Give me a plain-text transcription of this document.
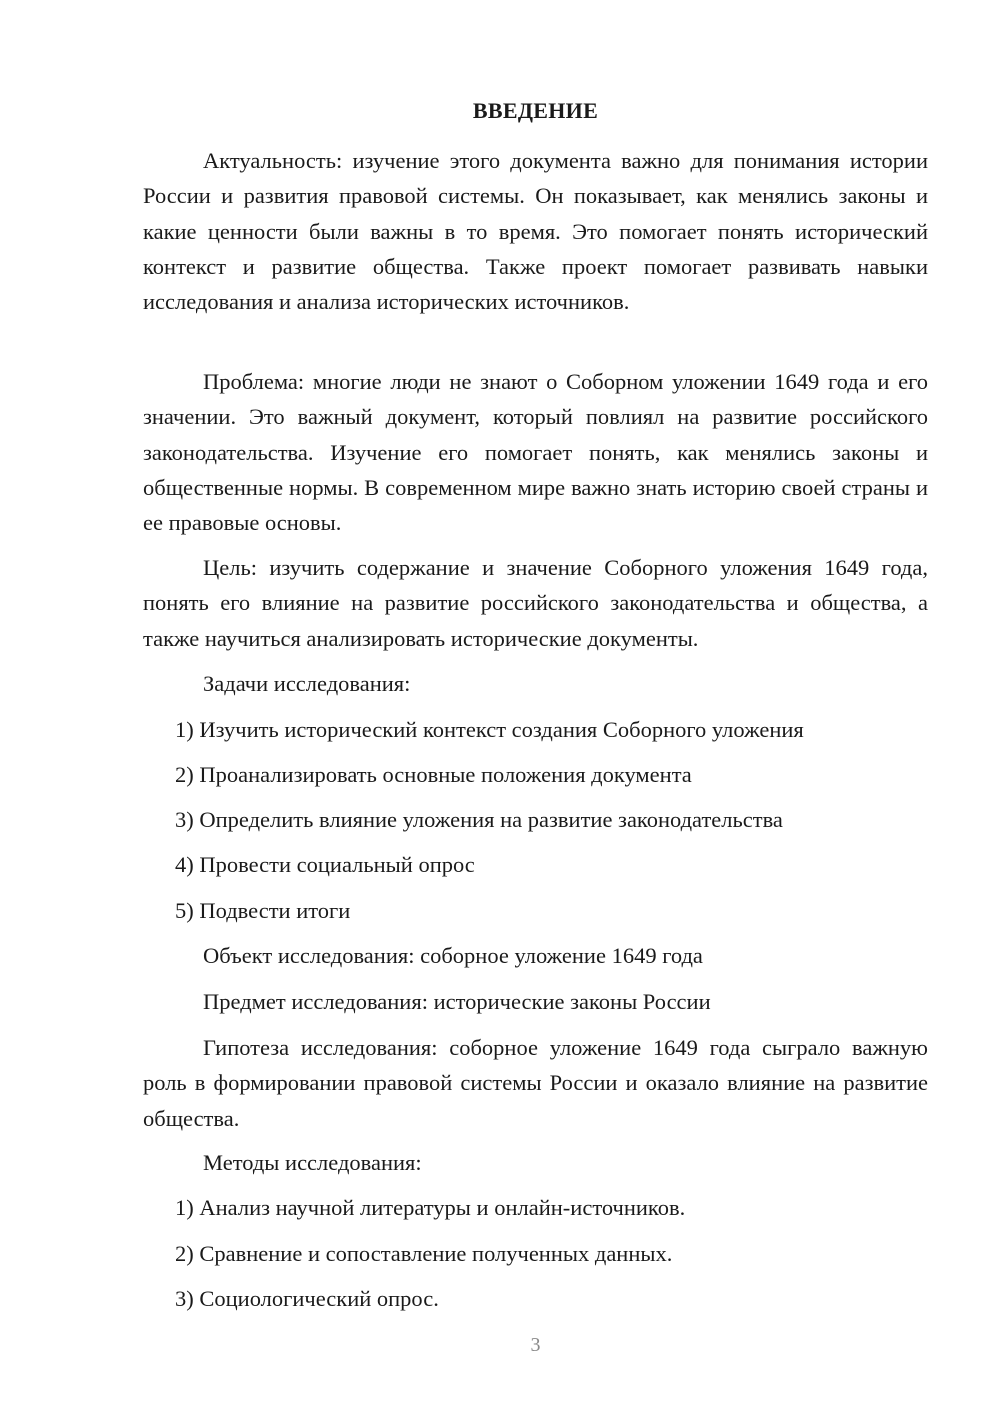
ВВЕДЕНИЕ

Актуальность: изучение этого документа важно для понимания истории России и развития правовой системы. Он показывает, как менялись законы и какие ценности были важны в то время. Это помогает понять исторический контекст и развитие общества. Также проект помогает развивать навыки исследования и анализа исторических источников.

Проблема: многие люди не знают о Соборном уложении 1649 года и его значении. Это важный документ, который повлиял на развитие российского законодательства. Изучение его помогает понять, как менялись законы и общественные нормы. В современном мире важно знать историю своей страны и ее правовые основы.

Цель: изучить содержание и значение Соборного уложения 1649 года, понять его влияние на развитие российского законодательства и общества, а также научиться анализировать исторические документы.

Задачи исследования:
1) Изучить исторический контекст создания Соборного уложения
2) Проанализировать основные положения документа
3) Определить влияние уложения на развитие законодательства
4) Провести социальный опрос
5) Подвести итоги
Объект исследования: соборное уложение 1649 года
Предмет исследования: исторические законы России

Гипотеза исследования: соборное уложение 1649 года сыграло важную роль в формировании правовой системы России и оказало влияние на развитие общества.

Методы исследования:
1) Анализ научной литературы и онлайн-источников.
2) Сравнение и сопоставление полученных данных.
3) Социологический опрос.
3
